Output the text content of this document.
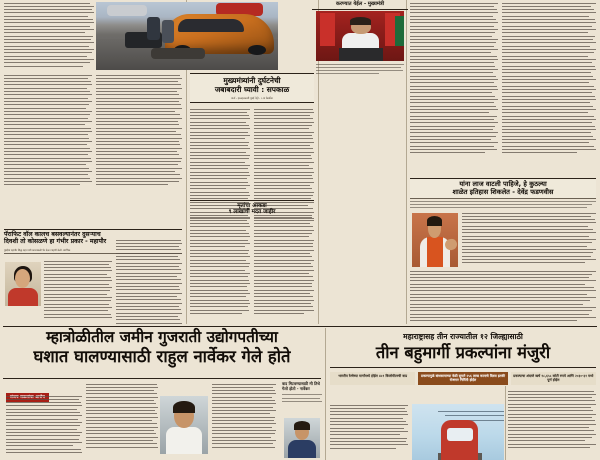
करण्यात येईल - मुख्यमंत्री
मुख्यमंत्र्यांनी दुर्घटनेची
जबाबदारी घ्यावी : सपकाळ
वार्ता - हरळहरळवरी मुंबई मेट्रो - ५ या बैठकीत
पॅराफिट वॉल कालच बसवल्यानंतर दुसऱ्याच
दिवशी तो कोसळणे हा गंभीर प्रकार - महापौर
मुंबईचा महापौर सिद्ध शहर यांनी घटनास्थळी भेट देऊन पाहणी केली. प्रारंभिक
मृतांचा आकडा
९ लाखांची मदत जाहीर
यांना लाज वाटली पाहिजे, हे कुठल्या
शाळेत इतिहास शिकलेत - देवेंद्र फडणवीस
म्हात्रोळीतील जमीन गुजराती उद्योगपतीच्या
घशात घालण्यासाठी राहुल नार्वेकर गेले होते
संजय राऊतांचा आरोप
वाद मिटवण्यासाठी मी तिथे गेलो होतो - नार्वेकर
महाराष्ट्रासह तीन राज्यातील १२ जिल्ह्यासाठी
तीन बहुमार्गी प्रकल्पांना मंजुरी
भारतीय रेल्वेच्या मार्गांमध्ये होईल ४८९ किलोमीटरची वाढ	प्रकल्पामुळे बांधकामाच्या वेळी सुमारे २५६ लाख कामाचे दिवस इतकी रोजगार निर्मिती होईल
प्रकल्पाचा अंदाजे खर्च १८,६५८ कोटी रुपये आणि २०३०-३१ मध्ये पूर्ण होईल
